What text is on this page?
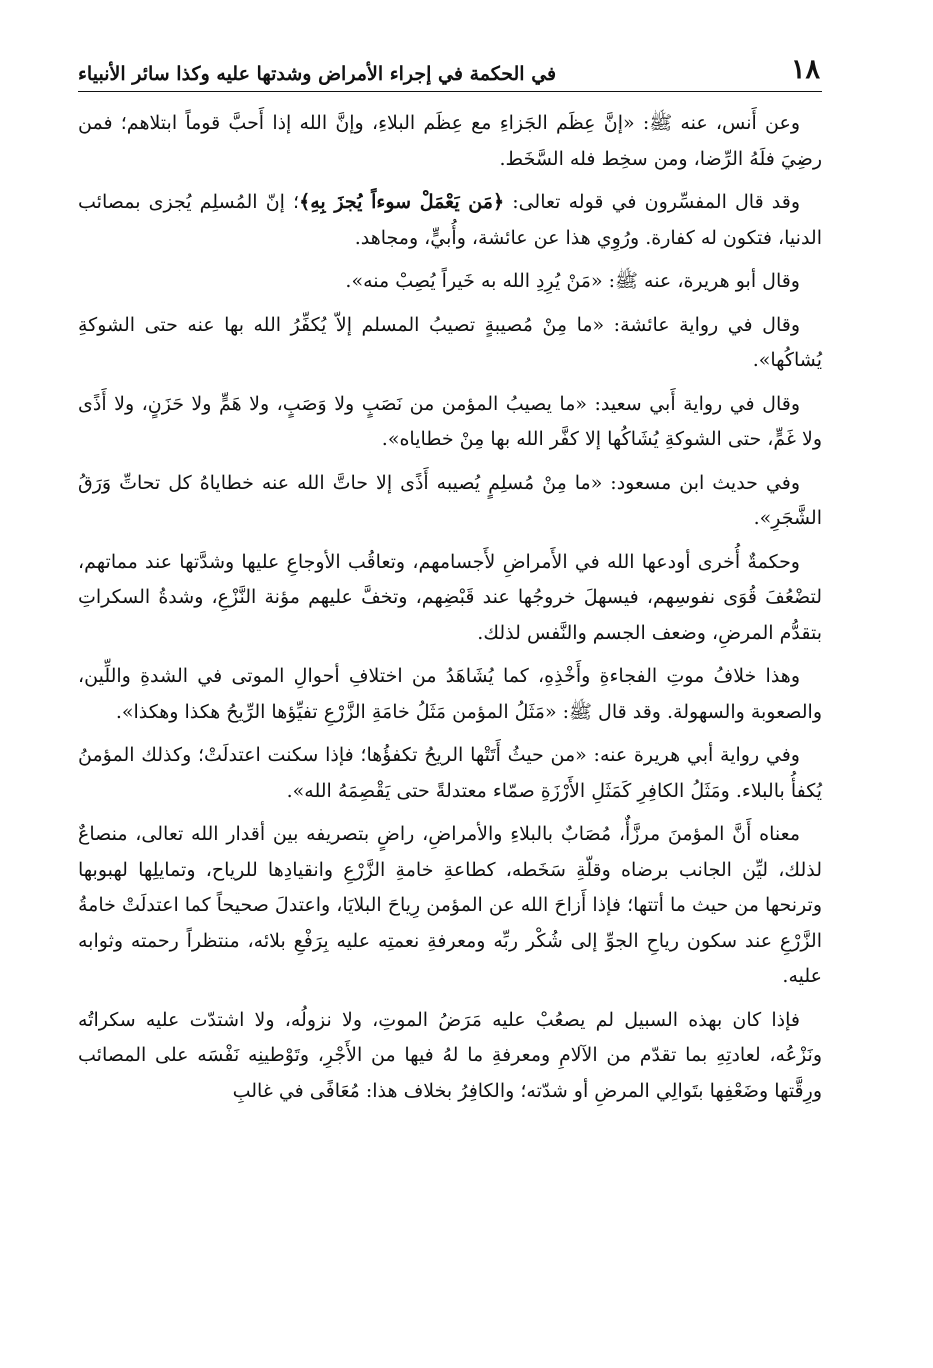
١٨
في الحكمة في إجراء الأمراض وشدتها عليه وكذا سائر الأنبياء

وعن أَنس، عنه ﷺ: «إنَّ عِظَم الجَزاءِ مع عِظَم البلاءِ، وإنَّ الله إذا أَحبَّ قوماً ابتلاهم؛ فمن رضِيَ فلَهُ الرِّضا، ومن سخِط فله السَّخَط.

وقد قال المفسِّرون في قوله تعالى: ﴿مَن يَعْمَلْ سوءاً يُجزَ بِهِ﴾؛ إنّ المُسلِم يُجزى بمصائب الدنيا، فتكون له كفارة. ورُوِي هذا عن عائشة، وأُبيٍّ، ومجاهد.

وقال أبو هريرة، عنه ﷺ: «مَنْ يُرِدِ الله به خَيراً يُصِبْ منه».

وقال في رواية عائشة: «ما مِنْ مُصيبةٍ تصيبُ المسلم إلاّ يُكفِّرُ الله بها عنه حتى الشوكةِ يُشاكُها».

وقال في رواية أَبي سعيد: «ما يصيبُ المؤمن من نَصَبٍ ولا وَصَبٍ، ولا هَمٍّ ولا حَزَنٍ، ولا أَذًى ولا غَمٍّ، حتى الشوكةِ يُشَاكُها إلا كفَّر الله بها مِنْ خطاياه».

وفي حديث ابن مسعود: «ما مِنْ مُسلِمٍ يُصيبه أَذًى إلا حاتَّ الله عنه خطاياهُ كل تحاتِّ وَرَقُ الشَّجَرِ».

وحكمةٌ أُخرى أودعها الله في الأَمراضِ لأَجسامهم، وتعاقُب الأوجاعِ عليها وشدَّتها عند مماتهم، لتضْعُفَ قُوَى نفوسِهم، فيسهلَ خروجُها عند قَبْضِهم، وتخفَّ عليهم مؤنة النَّزْعِ، وشدةُ السكراتِ بتقدُّم المرضِ، وضعف الجسم والنَّفس لذلك.

وهذا خلافُ موتِ الفجاءةِ وأَخْذِهِ، كما يُشَاهَدُ من اختلافِ أحوالِ الموتى في الشدةِ واللِّين، والصعوبة والسهولة. وقد قال ﷺ: «مَثَلُ المؤمن مَثَلُ خامَةِ الزَّرْعِ تفيِّؤها الرِّيحُ هكذا وهكذا».

وفي رواية أبي هريرة عنه: «من حيثُ أَتَتْها الريحُ تكفؤُها؛ فإذا سكنت اعتدلَتْ؛ وكذلك المؤمنُ يُكفأُ بالبلاء. ومَثَلُ الكافِرِ كَمَثَلِ الأَرْزَةِ صمّاء معتدلةً حتى يَقْصِمَهُ الله».

معناه أَنَّ المؤمنَ مرزَّأٌ، مُصَابٌ بالبلاءِ والأمراضِ، راضٍ بتصريفه بين أقدار الله تعالى، منصاعٌ لذلك، ليِّن الجانب برضاه وقلّةِ سَخَطه، كطاعةِ خامةِ الزَّرْعِ وانقيادِها للرياح، وتمايلِها لهبوبها وترنحها من حيث ما أتتها؛ فإذا أَزاحَ الله عن المؤمن رِياحَ البلايَا، واعتدلَ صحيحاً كما اعتدلَتْ خامةُ الزَّرْعِ عند سكون رياحِ الجوِّ إلى شُكْر ربِّه ومعرفةِ نعمتِه عليه بِرَفْعِ بلائه، منتظراً رحمته وثوابه عليه.

فإذا كان بهذه السبيل لم يصعُبْ عليه مَرَضُ الموتِ، ولا نزولُه، ولا اشتدّت عليه سكراتُه ونَزْعُه، لعادتِهِ بما تقدّم من الآلامِ ومعرفةِ ما لهُ فيها من الأَجْرِ، وتَوْطينِه نَفْسَه على المصائب ورِقَّتها وضَعْفِها بتَوالِي المرضِ أو شدّته؛ والكافِرُ بخلاف هذا: مُعَافًى في غالبِ
